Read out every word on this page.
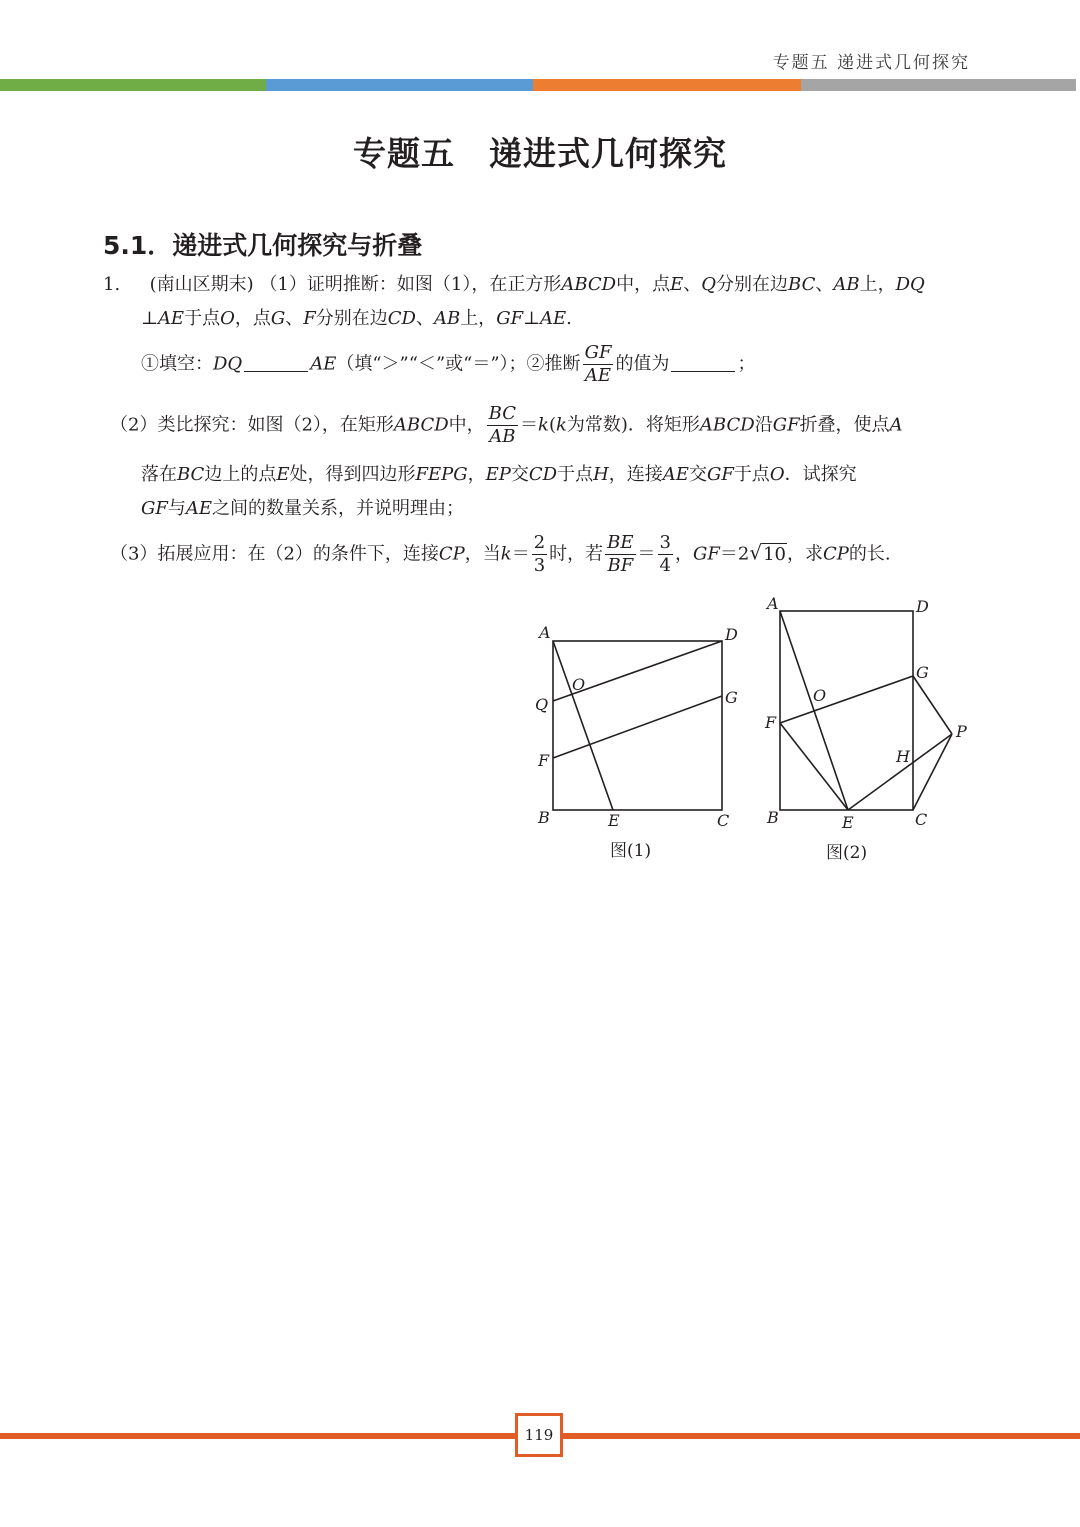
专题五 递进式几何探究
专题五　递进式几何探究
5.1．递进式几何探究与折叠
1. (南山区期末) （1）证明推断：如图（1），在正方形ABCD中，点E、Q分别在边BC、AB上，DQ
⊥AE于点O，点G、F分别在边CD、AB上，GF⊥AE.
①填空：DQ	AE（填“＞”“＜”或“＝”）；②推断 $\frac{GF}{AE}$ 的值为	；
（2）类比探究：如图（2），在矩形ABCD中， $\frac{BC}{AB} =k(k$为常数)．将矩形ABCD沿GF折叠，使点A
落在BC边上的点E处，得到四边形FEPG，EP交CD于点H，连接AE交GF于点O．试探究
GF与AE之间的数量关系，并说明理由；
（3）拓展应用：在（2）的条件下，连接CP，当$k= \frac{2}{3}$ 时，若 $\frac{BE}{BF} = \frac{3}{4}$ ，GF＝2√10，求CP的长.
A	D
Q
O
G
F
B	E	C
图(1)
A	D
G
O
F	P
H
B	E	C
图(2)
119
